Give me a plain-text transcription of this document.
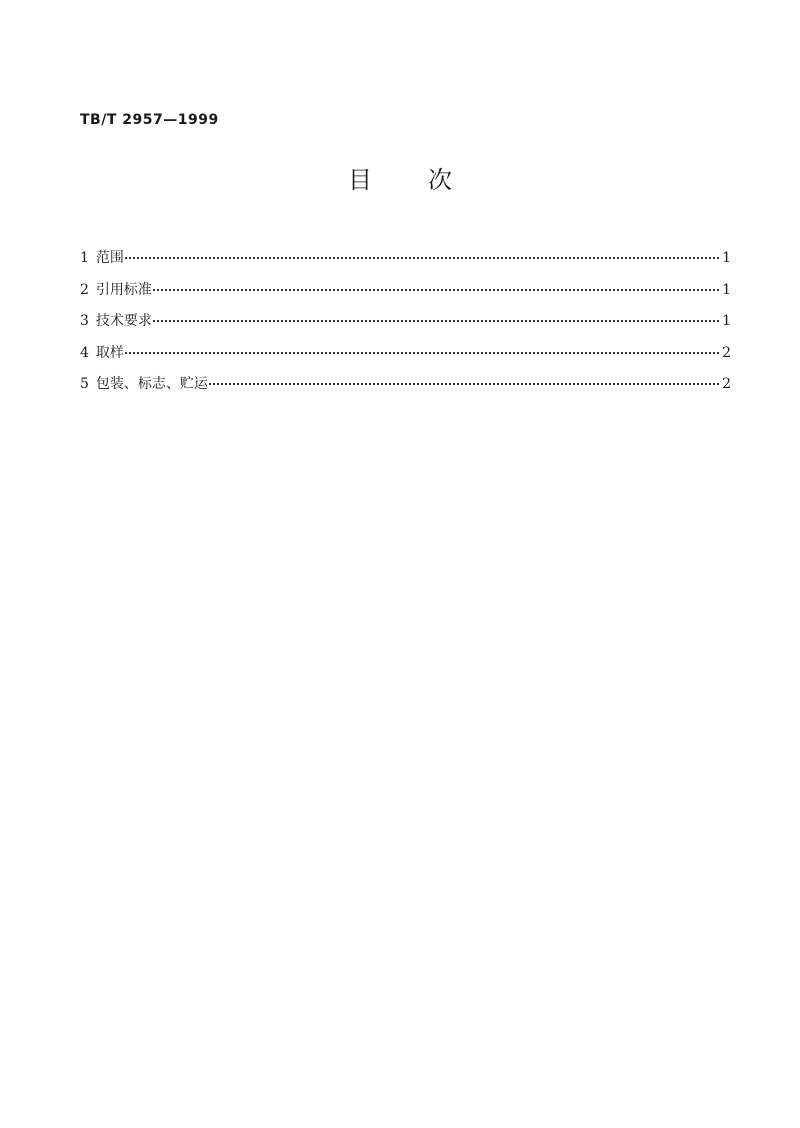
TB/T 2957—1999
目 次
1 范围	1
2 引用标准	1
3 技术要求	1
4 取样	2
5 包装、标志、贮运	2
